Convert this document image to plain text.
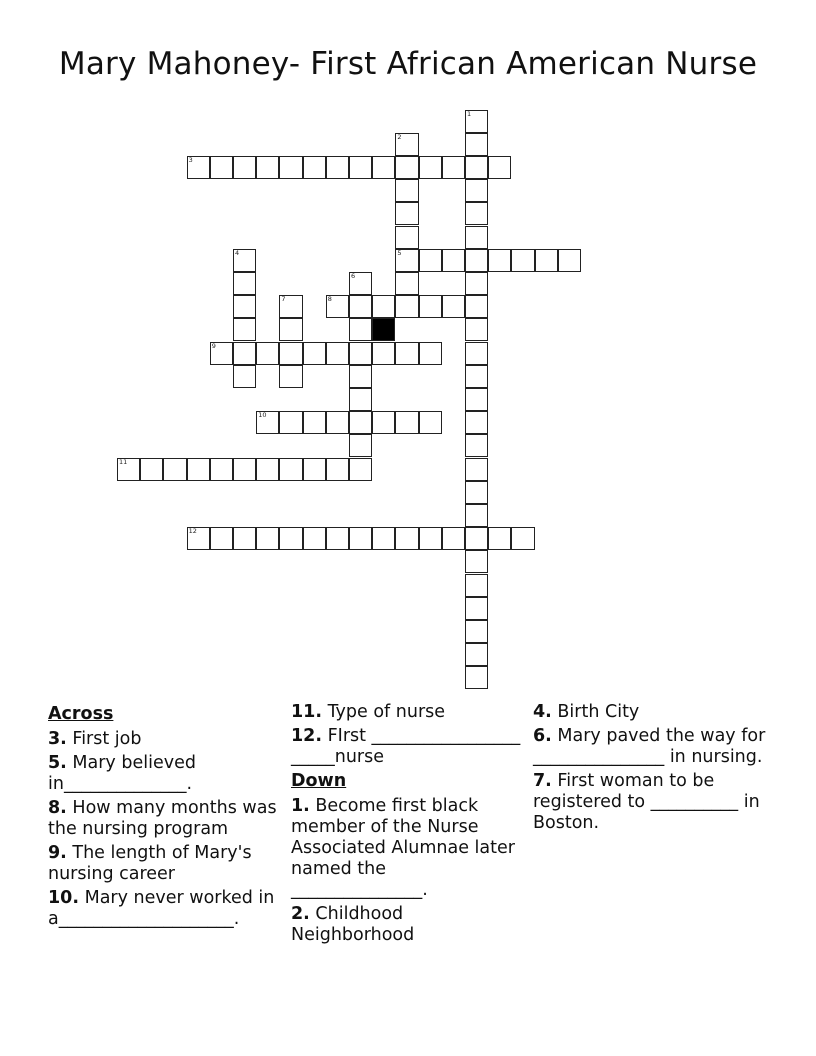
Mary Mahoney- First African American Nurse
1
2
5
3
4
6
7	8
9
10
11
12
Across
3. First job
5. Mary believed in______________.
8. How many months was the nursing program
9. The length of Mary's nursing career
10. Mary never worked in a____________________.
11. Type of nurse
12. FIrst ______________________nurse
Down
1. Become first black member of the Nurse Associated Alumnae later named the _______________.
2. Childhood Neighborhood
4. Birth City
6. Mary paved the way for _______________ in nursing.
7. First woman to be registered to __________ in Boston.
